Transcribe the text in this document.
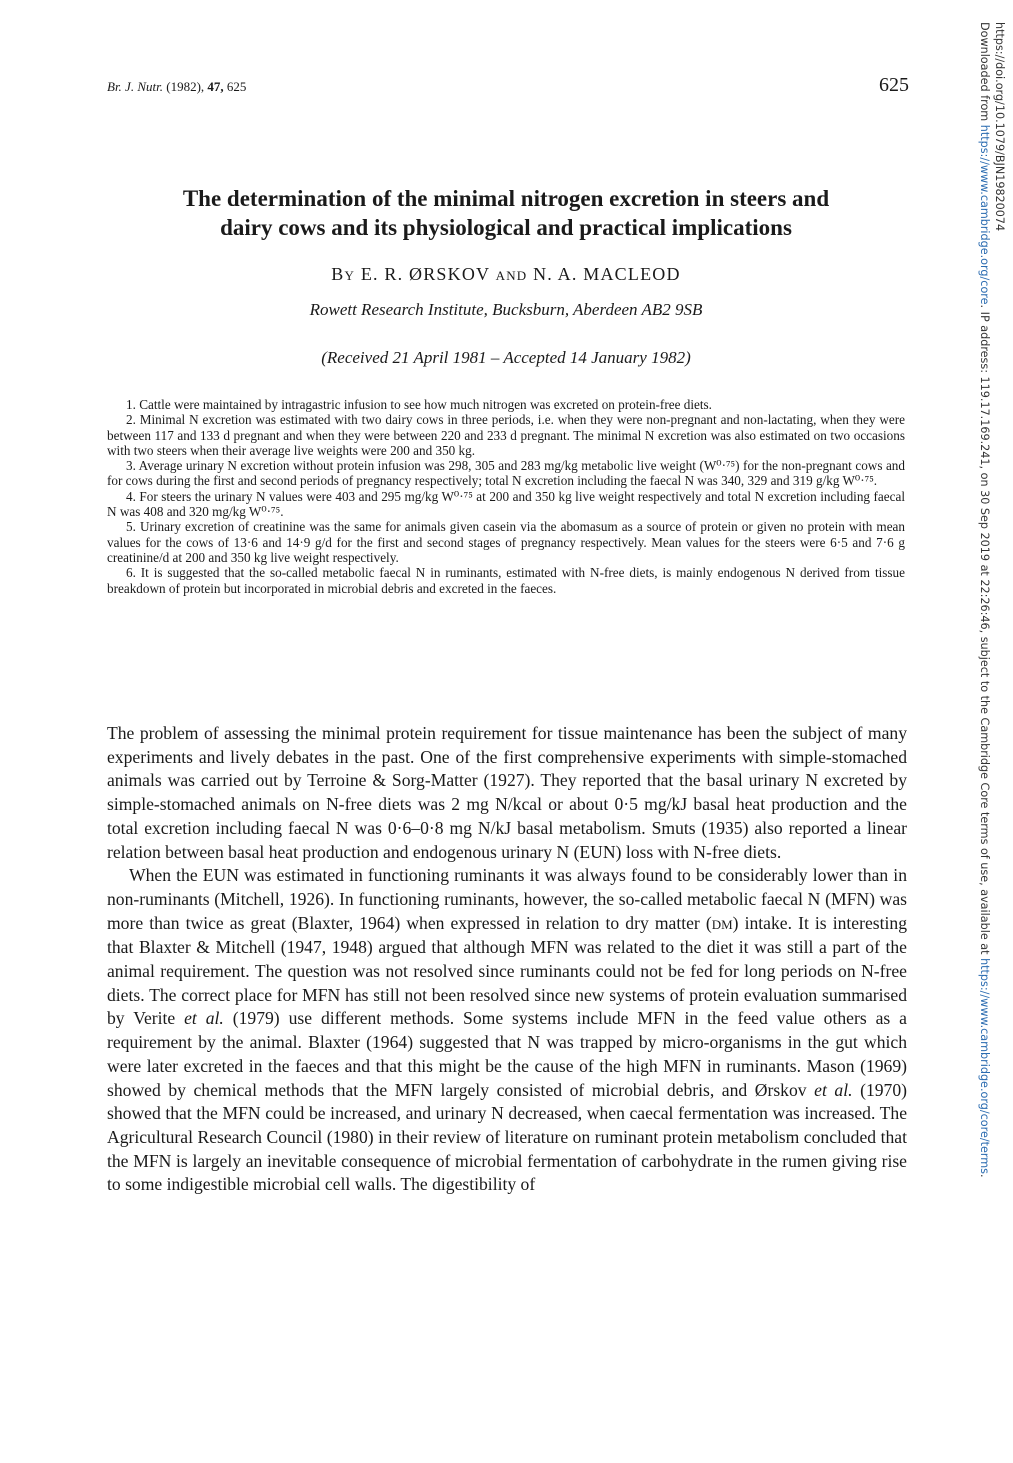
Br. J. Nutr. (1982), 47, 625	625
The determination of the minimal nitrogen excretion in steers and
dairy cows and its physiological and practical implications
BY E. R. ØRSKOV AND N. A. MACLEOD
Rowett Research Institute, Bucksburn, Aberdeen AB2 9SB
(Received 21 April 1981 – Accepted 14 January 1982)

1. Cattle were maintained by intragastric infusion to see how much nitrogen was excreted on protein-free diets.

2. Minimal N excretion was estimated with two dairy cows in three periods, i.e. when they were non-pregnant and non-lactating, when they were between 117 and 133 d pregnant and when they were between 220 and 233 d pregnant. The minimal N excretion was also estimated on two occasions with two steers when their average live weights were 200 and 350 kg.

3. Average urinary N excretion without protein infusion was 298, 305 and 283 mg/kg metabolic live weight (W⁰·⁷⁵) for the non-pregnant cows and for cows during the first and second periods of pregnancy respectively; total N excretion including the faecal N was 340, 329 and 319 g/kg W⁰·⁷⁵.

4. For steers the urinary N values were 403 and 295 mg/kg W⁰·⁷⁵ at 200 and 350 kg live weight respectively and total N excretion including faecal N was 408 and 320 mg/kg W⁰·⁷⁵.

5. Urinary excretion of creatinine was the same for animals given casein via the abomasum as a source of protein or given no protein with mean values for the cows of 13·6 and 14·9 g/d for the first and second stages of pregnancy respectively. Mean values for the steers were 6·5 and 7·6 g creatinine/d at 200 and 350 kg live weight respectively.

6. It is suggested that the so-called metabolic faecal N in ruminants, estimated with N-free diets, is mainly endogenous N derived from tissue breakdown of protein but incorporated in microbial debris and excreted in the faeces.

The problem of assessing the minimal protein requirement for tissue maintenance has been the subject of many experiments and lively debates in the past. One of the first comprehensive experiments with simple-stomached animals was carried out by Terroine & Sorg-Matter (1927). They reported that the basal urinary N excreted by simple-stomached animals on N-free diets was 2 mg N/kcal or about 0·5 mg/kJ basal heat production and the total excretion including faecal N was 0·6–0·8 mg N/kJ basal metabolism. Smuts (1935) also reported a linear relation between basal heat production and endogenous urinary N (EUN) loss with N-free diets.

When the EUN was estimated in functioning ruminants it was always found to be considerably lower than in non-ruminants (Mitchell, 1926). In functioning ruminants, however, the so-called metabolic faecal N (MFN) was more than twice as great (Blaxter, 1964) when expressed in relation to dry matter (DM) intake. It is interesting that Blaxter & Mitchell (1947, 1948) argued that although MFN was related to the diet it was still a part of the animal requirement. The question was not resolved since ruminants could not be fed for long periods on N-free diets. The correct place for MFN has still not been resolved since new systems of protein evaluation summarised by Verite et al. (1979) use different methods. Some systems include MFN in the feed value others as a requirement by the animal. Blaxter (1964) suggested that N was trapped by micro-organisms in the gut which were later excreted in the faeces and that this might be the cause of the high MFN in ruminants. Mason (1969) showed by chemical methods that the MFN largely consisted of microbial debris, and Ørskov et al. (1970) showed that the MFN could be increased, and urinary N decreased, when caecal fermentation was increased. The Agricultural Research Council (1980) in their review of literature on ruminant protein metabolism concluded that the MFN is largely an inevitable consequence of microbial fermentation of carbohydrate in the rumen giving rise to some indigestible microbial cell walls. The digestibility of

Downloaded from https://www.cambridge.org/core. IP address: 119.17.169.241, on 30 Sep 2019 at 22:26:46, subject to the Cambridge Core terms of use, available at https://www.cambridge.org/core/terms.
https://doi.org/10.1079/BJN19820074
